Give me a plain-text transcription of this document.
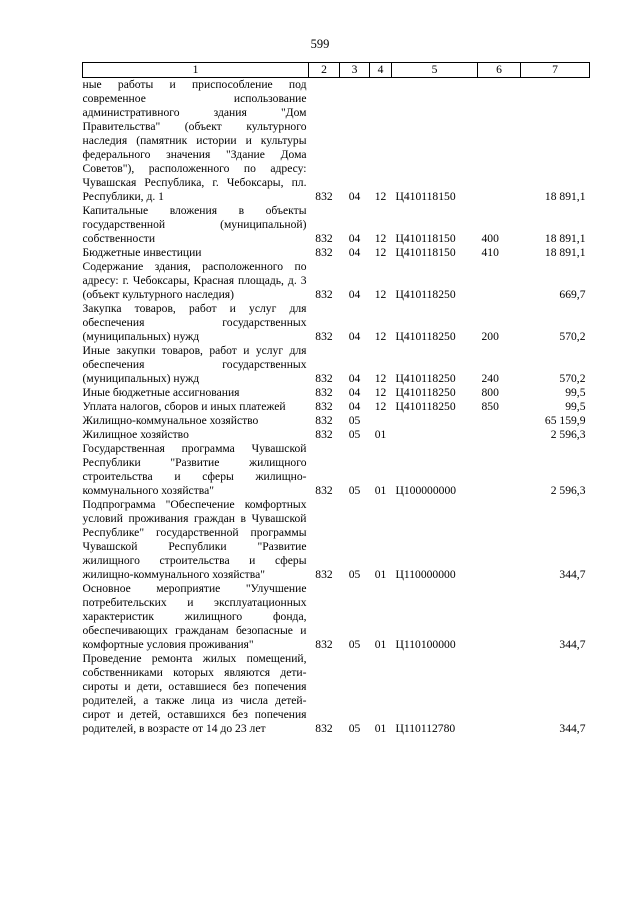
599
1	2	3	4	5	6	7
ные работы и приспособление под современное использование административного здания "Дом Правительства" (объект культурного наследия (памятник истории и культуры федерального значения "Здание Дома Советов"), расположенного по адресу: Чувашская Республика, г. Чебоксары, пл. Республики, д. 1	832	04	12	Ц410118150		18 891,1
Капитальные вложения в объекты государственной (муниципальной) собственности	832	04	12	Ц410118150	400	18 891,1
Бюджетные инвестиции	832	04	12	Ц410118150	410	18 891,1
Содержание здания, расположенного по адресу: г. Чебоксары, Красная площадь, д. 3 (объект культурного наследия)	832	04	12	Ц410118250		669,7
Закупка товаров, работ и услуг для обеспечения государственных (муниципальных) нужд	832	04	12	Ц410118250	200	570,2
Иные закупки товаров, работ и услуг для обеспечения государственных (муниципальных) нужд	832	04	12	Ц410118250	240	570,2
Иные бюджетные ассигнования	832	04	12	Ц410118250	800	99,5
Уплата налогов, сборов и иных платежей	832	04	12	Ц410118250	850	99,5
Жилищно-коммунальное хозяйство	832	05				65 159,9
Жилищное хозяйство	832	05	01			2 596,3
Государственная программа Чувашской Республики "Развитие жилищного строительства и сферы жилищно-коммунального хозяйства"	832	05	01	Ц100000000		2 596,3
Подпрограмма "Обеспечение комфортных условий проживания граждан в Чувашской Республике" государственной программы Чувашской Республики "Развитие жилищного строительства и сферы жилищно-коммунального хозяйства"	832	05	01	Ц110000000		344,7
Основное мероприятие "Улучшение потребительских и эксплуатационных характеристик жилищного фонда, обеспечивающих гражданам безопасные и комфортные условия проживания"	832	05	01	Ц110100000		344,7
Проведение ремонта жилых помещений, собственниками которых являются дети-сироты и дети, оставшиеся без попечения родителей, а также лица из числа детей-сирот и детей, оставшихся без попечения родителей, в возрасте от 14 до 23 лет	832	05	01	Ц110112780		344,7
